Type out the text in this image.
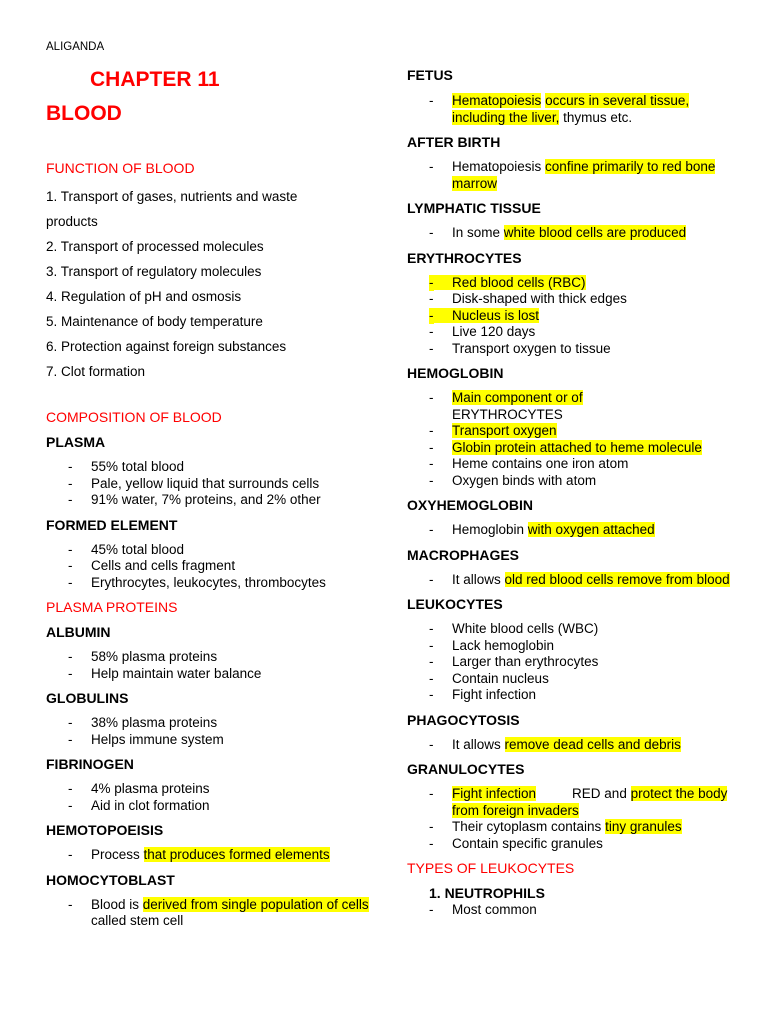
ALIGANDA
CHAPTER 11
BLOOD
FUNCTION OF BLOOD
1. Transport of gases, nutrients and waste
products
2. Transport of processed molecules
3. Transport of regulatory molecules
4. Regulation of pH and osmosis
5. Maintenance of body temperature
6. Protection against foreign substances
7. Clot formation
COMPOSITION OF BLOOD
PLASMA
- 55% total blood
- Pale, yellow liquid that surrounds cells
- 91% water, 7% proteins, and 2% other
FORMED ELEMENT
- 45% total blood
- Cells and cells fragment
- Erythrocytes, leukocytes, thrombocytes
PLASMA PROTEINS
ALBUMIN
- 58% plasma proteins
- Help maintain water balance
GLOBULINS
- 38% plasma proteins
- Helps immune system
FIBRINOGEN
- 4% plasma proteins
- Aid in clot formation
HEMOTOPOEISIS
- Process that produces formed elements
HOMOCYTOBLAST
- Blood is derived from single population of cells called stem cell
FETUS
- Hematopoiesis occurs in several tissue, including the liver, thymus etc.
AFTER BIRTH
- Hematopoiesis confine primarily to red bone marrow
LYMPHATIC TISSUE
- In some white blood cells are produced
ERYTHROCYTES
- Red blood cells (RBC)
- Disk-shaped with thick edges
- Nucleus is lost
- Live 120 days
- Transport oxygen to tissue
HEMOGLOBIN
- Main component or of
ERYTHROCYTES
- Transport oxygen
- Globin protein attached to heme molecule
- Heme contains one iron atom
- Oxygen binds with atom
OXYHEMOGLOBIN
- Hemoglobin with oxygen attached
MACROPHAGES
- It allows old red blood cells remove from blood
LEUKOCYTES
- White blood cells (WBC)
- Lack hemoglobin
- Larger than erythrocytes
- Contain nucleus
- Fight infection
PHAGOCYTOSIS
- It allows remove dead cells and debris
GRANULOCYTES
- Fight infection	RED and protect the body from foreign invaders
- Their cytoplasm contains tiny granules
- Contain specific granules
TYPES OF LEUKOCYTES
1. NEUTROPHILS
- Most common
